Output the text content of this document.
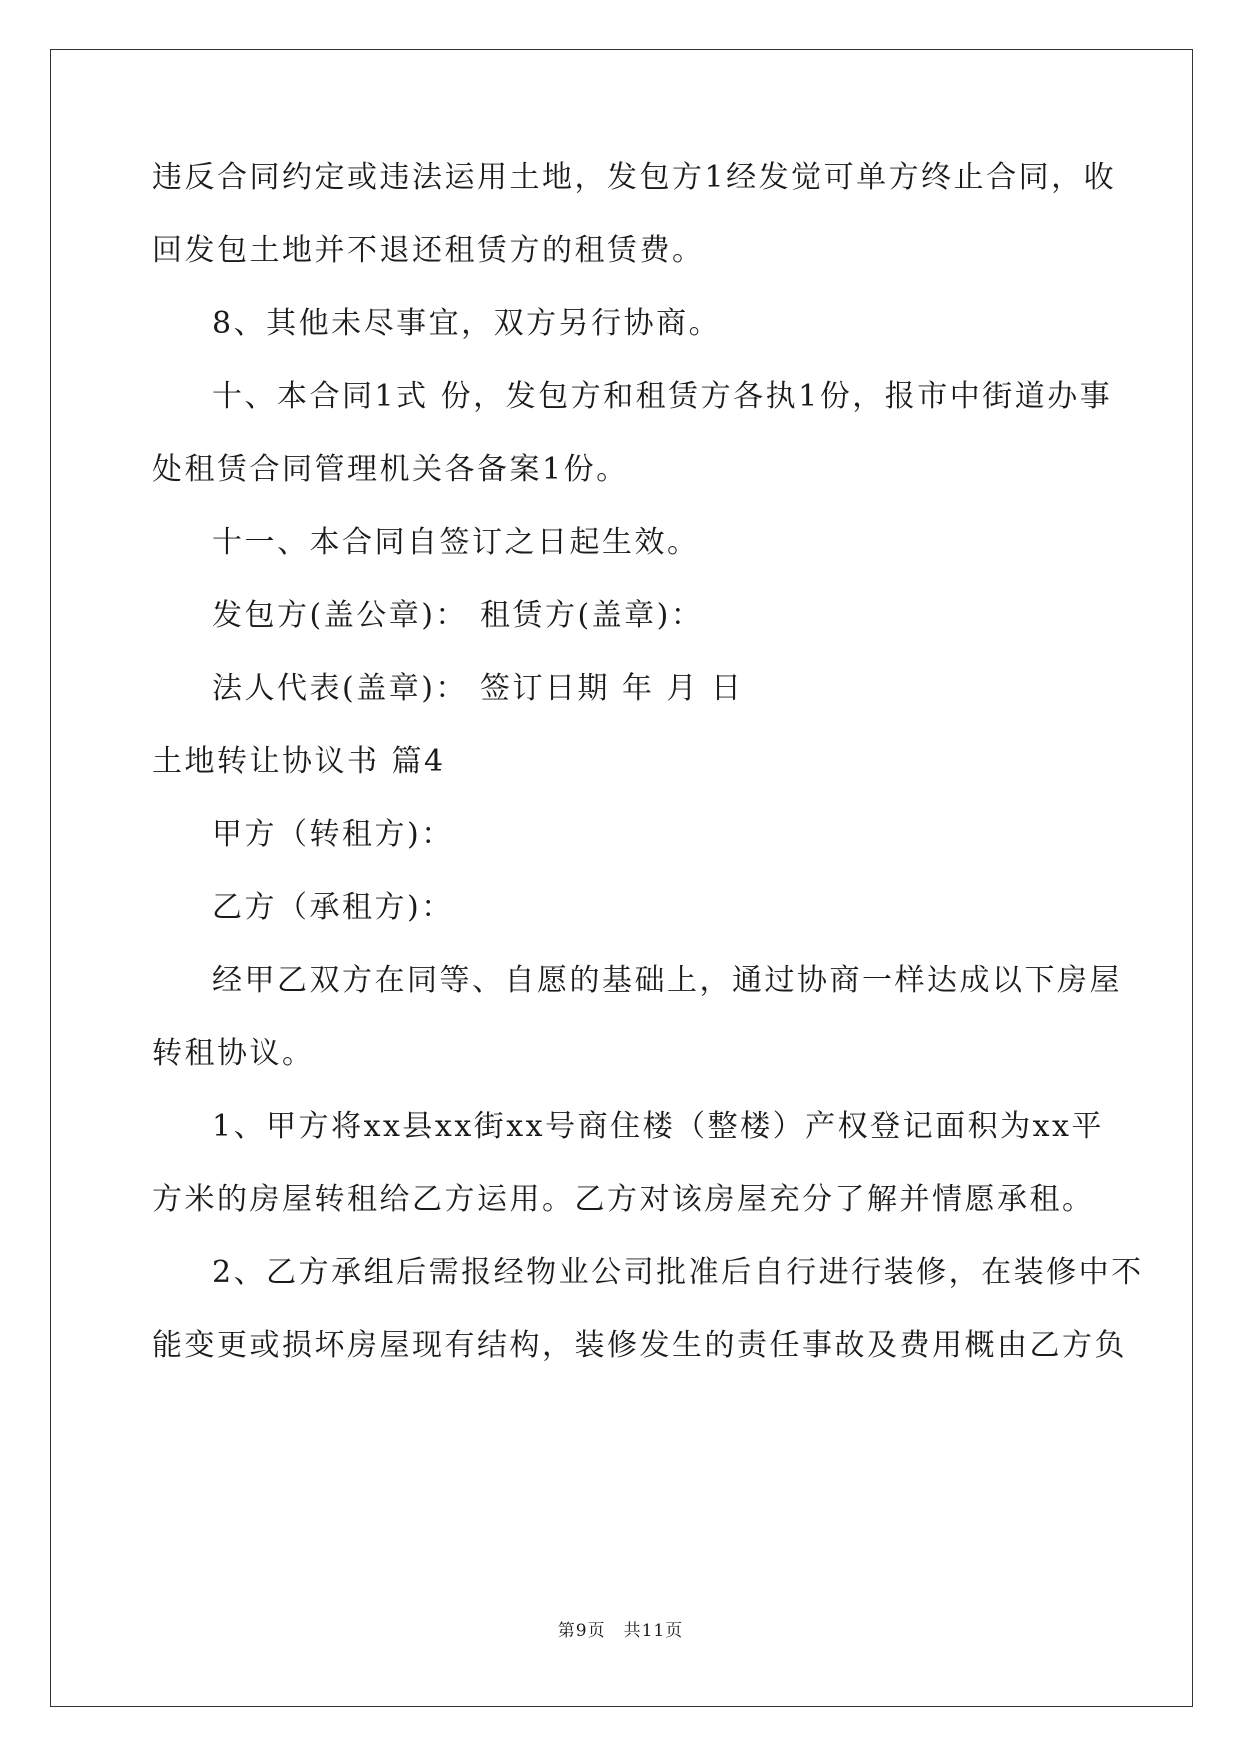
违反合同约定或违法运用土地，发包方1经发觉可单方终止合同，收
回发包土地并不退还租赁方的租赁费。
8、其他未尽事宜，双方另行协商。
十、本合同1式 份，发包方和租赁方各执1份，报市中街道办事
处租赁合同管理机关各备案1份。
十一、本合同自签订之日起生效。
发包方(盖公章)： 租赁方(盖章)：
法人代表(盖章)： 签订日期 年 月 日
土地转让协议书 篇4
甲方（转租方)：
乙方（承租方)：
经甲乙双方在同等、自愿的基础上，通过协商一样达成以下房屋
转租协议。
1、甲方将xx县xx街xx号商住楼（整楼）产权登记面积为xx平
方米的房屋转租给乙方运用。乙方对该房屋充分了解并情愿承租。
2、乙方承组后需报经物业公司批准后自行进行装修，在装修中不
能变更或损坏房屋现有结构，装修发生的责任事故及费用概由乙方负
第9页　共11页
